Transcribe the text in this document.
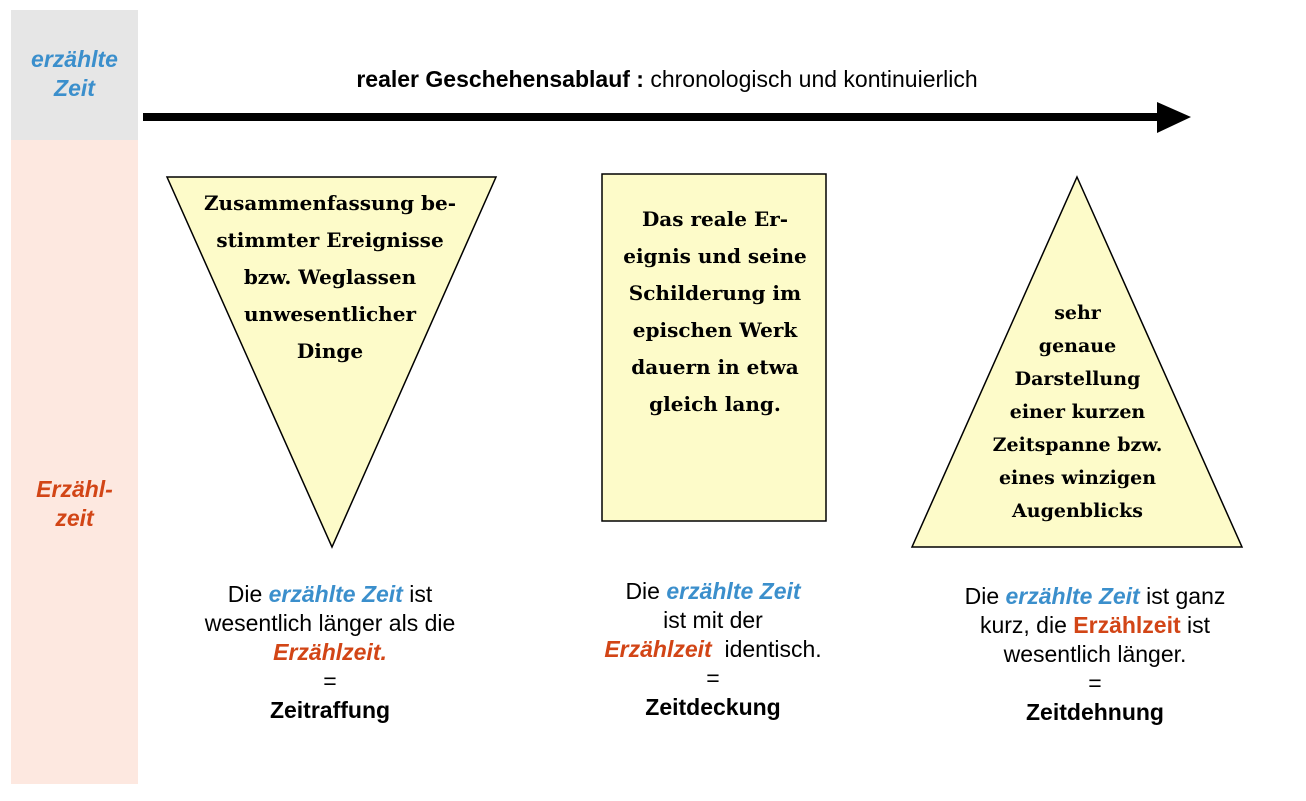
erzählte
Zeit
Erzähl-
zeit
realer Geschehensablauf : chronologisch und kontinuierlich
Zusammenfassung be-
stimmter Ereignisse
bzw. Weglassen
unwesentlicher
Dinge
Das reale Er-
eignis und seine
Schilderung im
epischen Werk
dauern in etwa
gleich lang.
sehr
genaue
Darstellung
einer kurzen
Zeitspanne bzw.
eines winzigen
Augenblicks
Die erzählte Zeit ist
wesentlich länger als die
Erzählzeit.
=
Zeitraffung
Die erzählte Zeit
ist mit der
Erzählzeit identisch.
=
Zeitdeckung
Die erzählte Zeit ist ganz
kurz, die Erzählzeit ist
wesentlich länger.
=
Zeitdehnung
